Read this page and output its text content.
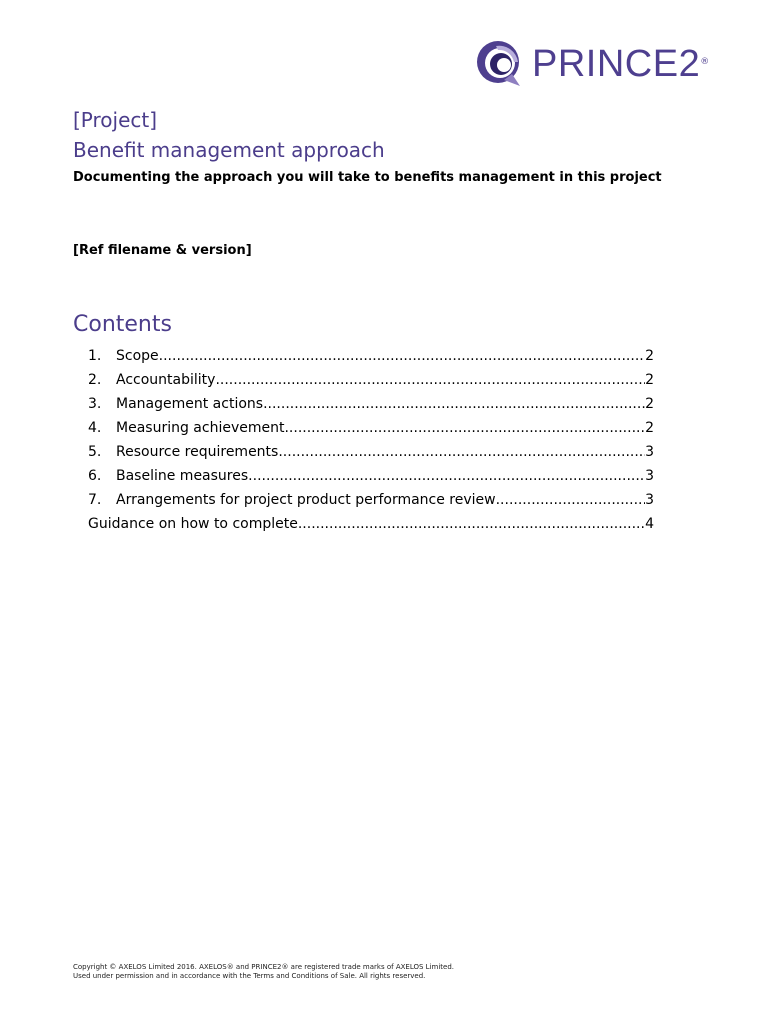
PRINCE2 ®
[Project]
Benefit management approach
Documenting the approach you will take to benefits management in this project
[Ref filename & version]
Contents
1.	Scope .....	2
2.	Accountability .....	2
3.	Management actions .....	2
4.	Measuring achievement .....	2
5.	Resource requirements .....	3
6.	Baseline measures .....	3
7.	Arrangements for project product performance review .....	3
Guidance on how to complete .....	4
Copyright © AXELOS Limited 2016. AXELOS® and PRINCE2® are registered trade marks of AXELOS Limited.
Used under permission and in accordance with the Terms and Conditions of Sale. All rights reserved.
